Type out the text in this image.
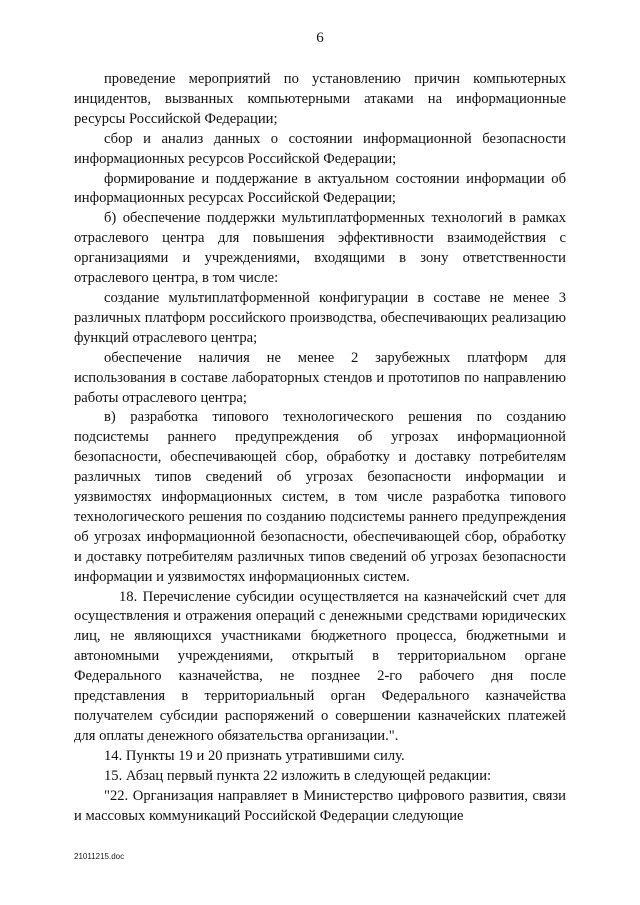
6

проведение мероприятий по установлению причин компьютерных инцидентов, вызванных компьютерными атаками на информационные ресурсы Российской Федерации;

сбор и анализ данных о состоянии информационной безопасности информационных ресурсов Российской Федерации;

формирование и поддержание в актуальном состоянии информации об информационных ресурсах Российской Федерации;

б) обеспечение поддержки мультиплатформенных технологий в рамках отраслевого центра для повышения эффективности взаимодействия с организациями и учреждениями, входящими в зону ответственности отраслевого центра, в том числе:

создание мультиплатформенной конфигурации в составе не менее 3 различных платформ российского производства, обеспечивающих реализацию функций отраслевого центра;

обеспечение наличия не менее 2 зарубежных платформ для использования в составе лабораторных стендов и прототипов по направлению работы отраслевого центра;

в) разработка типового технологического решения по созданию подсистемы раннего предупреждения об угрозах информационной безопасности, обеспечивающей сбор, обработку и доставку потребителям различных типов сведений об угрозах безопасности информации и уязвимостях информационных систем, в том числе разработка типового технологического решения по созданию подсистемы раннего предупреждения об угрозах информационной безопасности, обеспечивающей сбор, обработку и доставку потребителям различных типов сведений об угрозах безопасности информации и уязвимостях информационных систем.

18. Перечисление субсидии осуществляется на казначейский счет для осуществления и отражения операций с денежными средствами юридических лиц, не являющихся участниками бюджетного процесса, бюджетными и автономными учреждениями, открытый в территориальном органе Федерального казначейства, не позднее 2-го рабочего дня после представления в территориальный орган Федерального казначейства получателем субсидии распоряжений о совершении казначейских платежей для оплаты денежного обязательства организации.".

14. Пункты 19 и 20 признать утратившими силу.

15. Абзац первый пункта 22 изложить в следующей редакции:

"22. Организация направляет в Министерство цифрового развития, связи и массовых коммуникаций Российской Федерации следующие

21011215.doc
